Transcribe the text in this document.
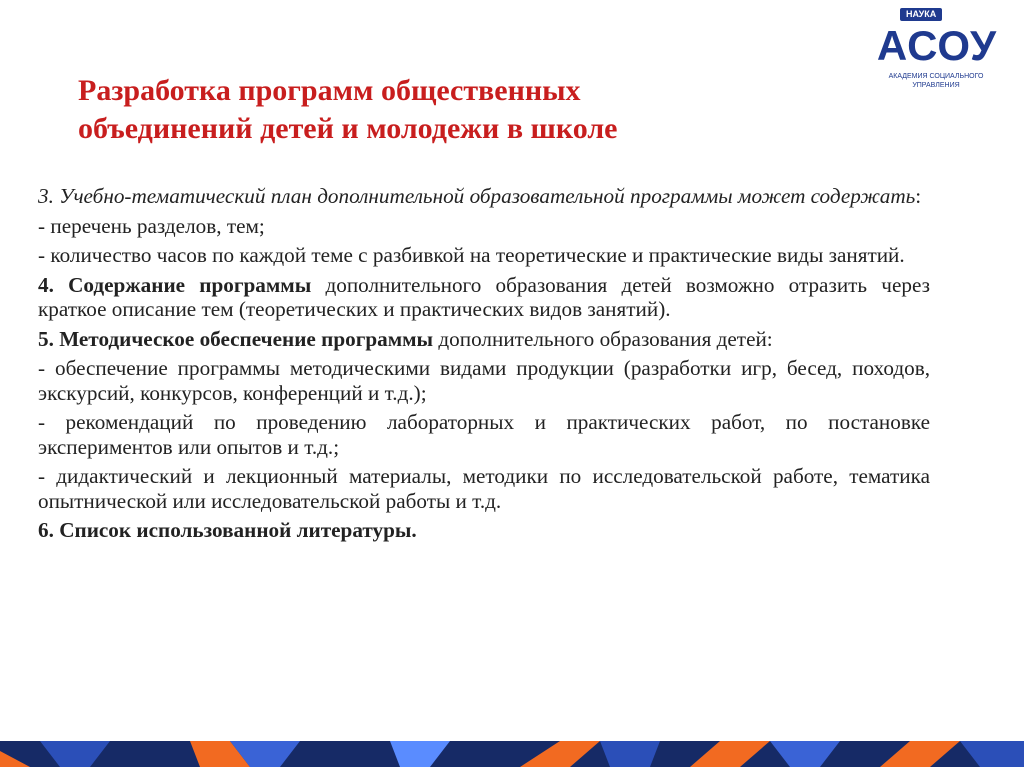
НАУКА
АСОУ
АКАДЕМИЯ СОЦИАЛЬНОГО
УПРАВЛЕНИЯ
Разработка программ общественных
объединений детей и молодежи в школе

3. Учебно-тематический план дополнительной образовательной программы может содержать:

- перечень разделов, тем;

- количество часов по каждой теме с разбивкой на теоретические и практические виды занятий.

4. Содержание программы дополнительного образования детей возможно отразить через краткое описание тем (теоретических и практических видов занятий).

5. Методическое обеспечение программы дополнительного образования детей:

- обеспечение программы методическими видами продукции (разработки игр, бесед, походов, экскурсий, конкурсов, конференций и т.д.);

- рекомендаций по проведению лабораторных и практических работ, по постановке экспериментов или опытов и т.д.;

- дидактический и лекционный материалы, методики по исследовательской работе, тематика опытнической или исследовательской работы и т.д.

6. Список использованной литературы.
